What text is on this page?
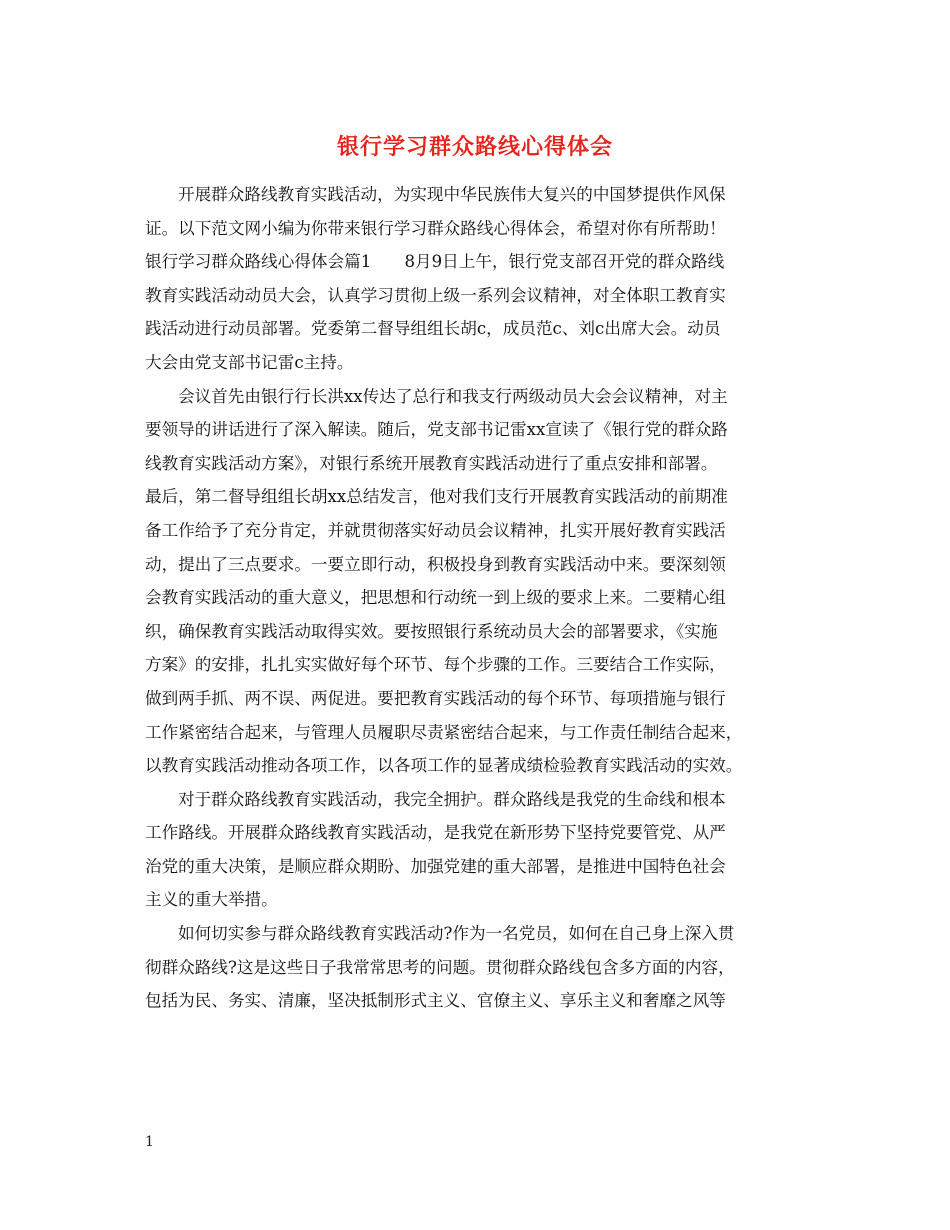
银行学习群众路线心得体会
开展群众路线教育实践活动，为实现中华民族伟大复兴的中国梦提供作风保
证。以下范文网小编为你带来银行学习群众路线心得体会，希望对你有所帮助！
银行学习群众路线心得体会篇1　　8月9日上午，银行党支部召开党的群众路线
教育实践活动动员大会，认真学习贯彻上级一系列会议精神，对全体职工教育实
践活动进行动员部署。党委第二督导组组长胡c，成员范c、刘c出席大会。动员
大会由党支部书记雷c主持。
会议首先由银行行长洪xx传达了总行和我支行两级动员大会会议精神，对主
要领导的讲话进行了深入解读。随后，党支部书记雷xx宣读了《银行党的群众路
线教育实践活动方案》，对银行系统开展教育实践活动进行了重点安排和部署。
最后，第二督导组组长胡xx总结发言，他对我们支行开展教育实践活动的前期准
备工作给予了充分肯定，并就贯彻落实好动员会议精神，扎实开展好教育实践活
动，提出了三点要求。一要立即行动，积极投身到教育实践活动中来。要深刻领
会教育实践活动的重大意义，把思想和行动统一到上级的要求上来。二要精心组
织，确保教育实践活动取得实效。要按照银行系统动员大会的部署要求，《实施
方案》的安排，扎扎实实做好每个环节、每个步骤的工作。三要结合工作实际，
做到两手抓、两不误、两促进。要把教育实践活动的每个环节、每项措施与银行
工作紧密结合起来，与管理人员履职尽责紧密结合起来，与工作责任制结合起来，
以教育实践活动推动各项工作，以各项工作的显著成绩检验教育实践活动的实效。
对于群众路线教育实践活动，我完全拥护。群众路线是我党的生命线和根本
工作路线。开展群众路线教育实践活动，是我党在新形势下坚持党要管党、从严
治党的重大决策，是顺应群众期盼、加强党建的重大部署，是推进中国特色社会
主义的重大举措。
如何切实参与群众路线教育实践活动?作为一名党员，如何在自己身上深入贯
彻群众路线?这是这些日子我常常思考的问题。贯彻群众路线包含多方面的内容，
包括为民、务实、清廉，坚决抵制形式主义、官僚主义、享乐主义和奢靡之风等
1
